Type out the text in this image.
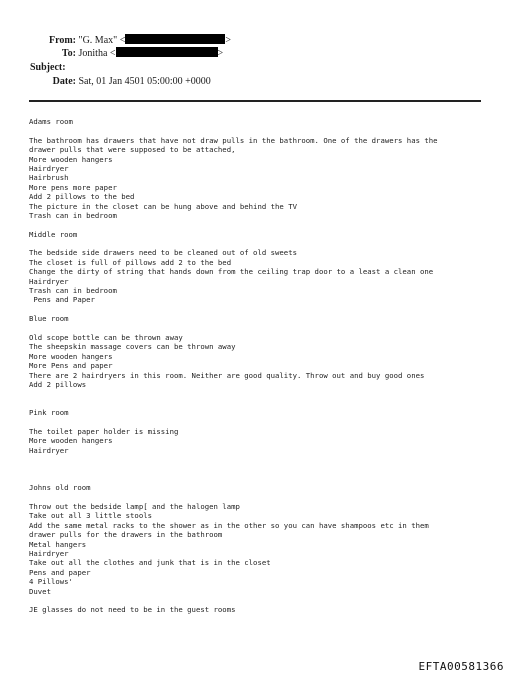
From: "G. Max" <	>
To: Jonitha <	>
Subject:
Date: Sat, 01 Jan 4501 05:00:00 +0000
Adams room
The bathroom has drawers that have not draw pulls in the bathroom. One of the drawers has the
drawer pulls that were supposed to be attached,
More wooden hangers
Hairdryer
Hairbrush
More pens more paper
Add 2 pillows to the bed
The picture in the closet can be hung above and behind the TV
Trash can in bedroom
Middle room
The bedside side drawers need to be cleaned out of old sweets
The closet is full of pillows add 2 to the bed
Change the dirty of string that hands down from the ceiling trap door to a least a clean one
Hairdryer
Trash can in bedroom
Pens and Paper
Blue room
Old scope bottle can be thrown away
The sheepskin massage covers can be thrown away
More wooden hangers
More Pens and paper
There are 2 hairdryers in this room. Neither are good quality. Throw out and buy good ones
Add 2 pillows
Pink room
The toilet paper holder is missing
More wooden hangers
Hairdryer
Johns old room
Throw out the bedside lamp[ and the halogen lamp
Take out all 3 little stools
Add the same metal racks to the shower as in the other so you can have shampoos etc in them
drawer pulls for the drawers in the bathroom
Metal hangers
Hairdryer
Take out all the clothes and junk that is in the closet
Pens and paper
4 Pillows'
Duvet
JE glasses do not need to be in the guest rooms
EFTA00581366
